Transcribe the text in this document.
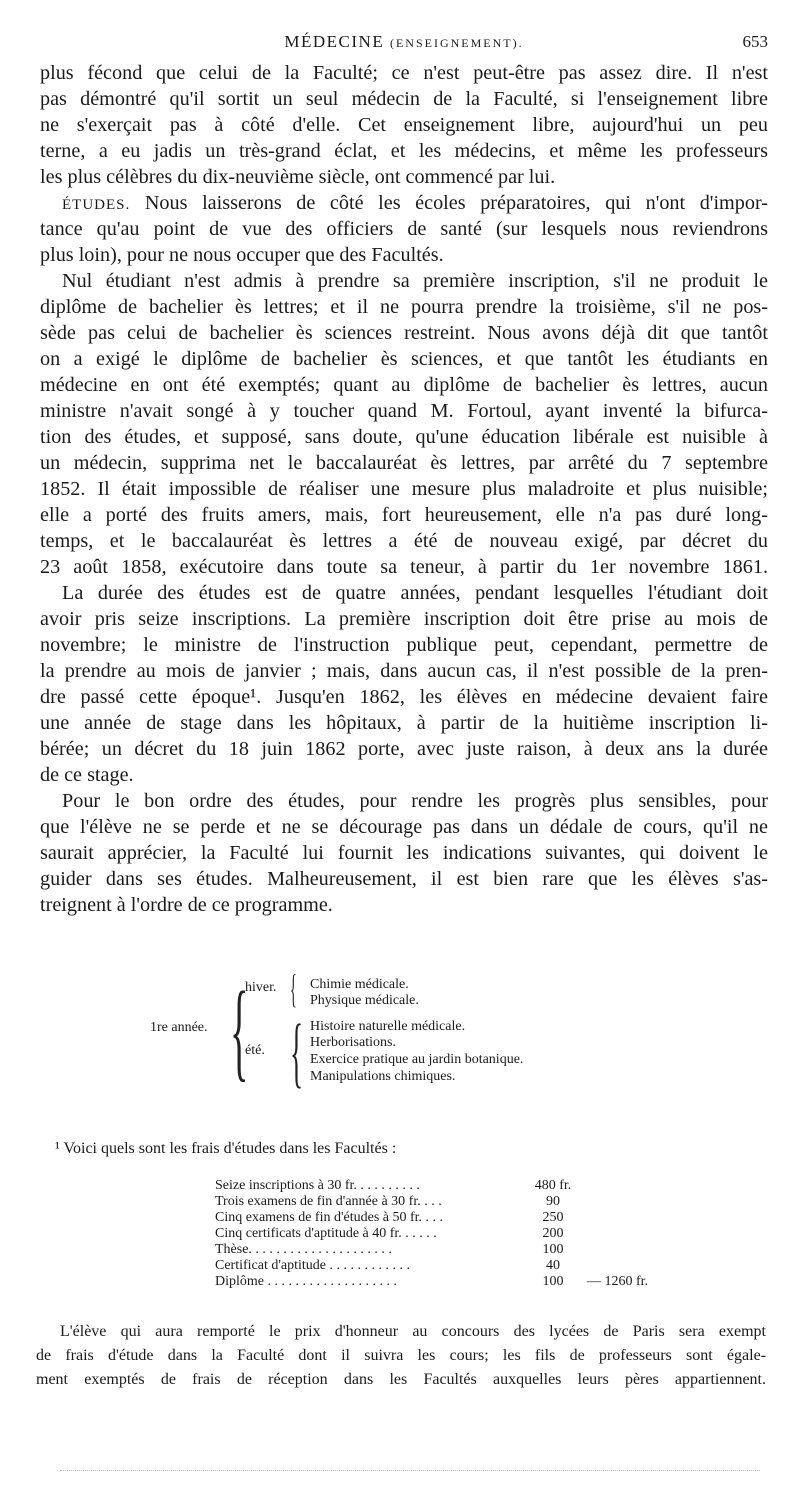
MÉDECINE (ENSEIGNEMENT).	653
plus fécond que celui de la Faculté; ce n'est peut-être pas assez dire. Il n'est
pas démontré qu'il sortit un seul médecin de la Faculté, si l'enseignement libre
ne s'exerçait pas à côté d'elle. Cet enseignement libre, aujourd'hui un peu
terne, a eu jadis un très-grand éclat, et les médecins, et même les professeurs
les plus célèbres du dix-neuvième siècle, ont commencé par lui.
ÉTUDES. Nous laisserons de côté les écoles préparatoires, qui n'ont d'impor-
tance qu'au point de vue des officiers de santé (sur lesquels nous reviendrons
plus loin), pour ne nous occuper que des Facultés.
Nul étudiant n'est admis à prendre sa première inscription, s'il ne produit le
diplôme de bachelier ès lettres; et il ne pourra prendre la troisième, s'il ne pos-
sède pas celui de bachelier ès sciences restreint. Nous avons déjà dit que tantôt
on a exigé le diplôme de bachelier ès sciences, et que tantôt les étudiants en
médecine en ont été exemptés; quant au diplôme de bachelier ès lettres, aucun
ministre n'avait songé à y toucher quand M. Fortoul, ayant inventé la bifurca-
tion des études, et supposé, sans doute, qu'une éducation libérale est nuisible à
un médecin, supprima net le baccalauréat ès lettres, par arrêté du 7 septembre
1852. Il était impossible de réaliser une mesure plus maladroite et plus nuisible;
elle a porté des fruits amers, mais, fort heureusement, elle n'a pas duré long-
temps, et le baccalauréat ès lettres a été de nouveau exigé, par décret du
23 août 1858, exécutoire dans toute sa teneur, à partir du 1er novembre 1861.
La durée des études est de quatre années, pendant lesquelles l'étudiant doit
avoir pris seize inscriptions. La première inscription doit être prise au mois de
novembre; le ministre de l'instruction publique peut, cependant, permettre de
la prendre au mois de janvier ; mais, dans aucun cas, il n'est possible de la pren-
dre passé cette époque¹. Jusqu'en 1862, les élèves en médecine devaient faire
une année de stage dans les hôpitaux, à partir de la huitième inscription li-
bérée; un décret du 18 juin 1862 porte, avec juste raison, à deux ans la durée
de ce stage.
Pour le bon ordre des études, pour rendre les progrès plus sensibles, pour
que l'élève ne se perde et ne se décourage pas dans un dédale de cours, qu'il ne
saurait apprécier, la Faculté lui fournit les indications suivantes, qui doivent le
guider dans ses études. Malheureusement, il est bien rare que les élèves s'as-
treignent à l'ordre de ce programme.
1re année. {
hiver. { Chimie médicale.
Physique médicale.
été. { Histoire naturelle médicale.
Herborisations.
Exercice pratique au jardin botanique.
Manipulations chimiques.
¹ Voici quels sont les frais d'études dans les Facultés :
Seize inscriptions à 30 fr. . . . . . . . . .	480 fr.
Trois examens de fin d'année à 30 fr. . . .	90
Cinq examens de fin d'études à 50 fr. . . .	250
Cinq certificats d'aptitude à 40 fr. . . . . .	200
Thèse. . . . . . . . . . . . . . . . . . . . .	100
Certificat d'aptitude . . . . . . . . . . . .	40
Diplôme . . . . . . . . . . . . . . . . . . .	100	— 1260 fr.
L'élève qui aura remporté le prix d'honneur au concours des lycées de Paris sera exempt
de frais d'étude dans la Faculté dont il suivra les cours; les fils de professeurs sont égale-
ment exemptés de frais de réception dans les Facultés auxquelles leurs pères appartiennent.
